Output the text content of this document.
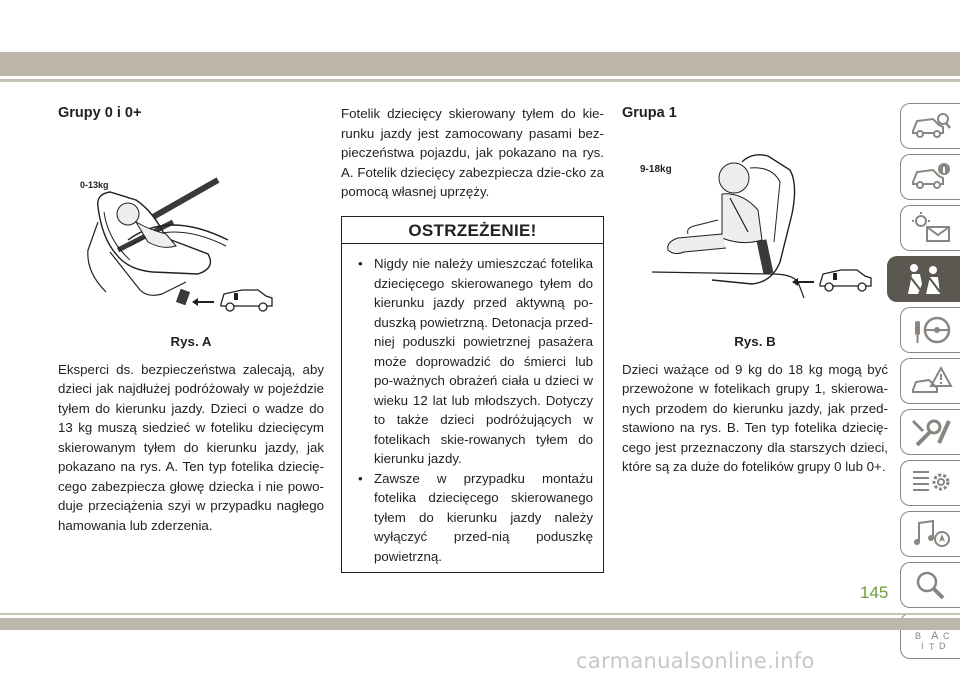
Grupy 0 i 0+
0-13kg
Rys. A

Eksperci ds. bezpieczeństwa zalecają, aby dzieci jak najdłużej podróżowały w pojeździe tyłem do kierunku jazdy. Dzieci o wadze do 13 kg muszą siedzieć w foteliku dziecięcym skierowanym tyłem do kierunku jazdy, jak pokazano na rys. A. Ten typ fotelika dziecię-cego zabezpiecza głowę dziecka i nie powo-duje przeciążenia szyi w przypadku nagłego hamowania lub zderzenia.

Fotelik dziecięcy skierowany tyłem do kie-runku jazdy jest zamocowany pasami bez-pieczeństwa pojazdu, jak pokazano na rys. A. Fotelik dziecięcy zabezpiecza dzie-cko za pomocą własnej uprzęży.

OSTRZEŻENIE!
• Nigdy nie należy umieszczać fotelika dziecięcego skierowanego tyłem do kierunku jazdy przed aktywną po-duszką powietrzną. Detonacja przed-niej poduszki powietrznej pasażera może doprowadzić do śmierci lub po-ważnych obrażeń ciała u dzieci w wieku 12 lat lub młodszych. Dotyczy to także dzieci podróżujących w fotelikach skie-rowanych tyłem do kierunku jazdy.
• Zawsze w przypadku montażu fotelika dziecięcego skierowanego tyłem do kierunku jazdy należy wyłączyć przed-nią poduszkę powietrzną.
Grupa 1
9-18kg
Rys. B

Dzieci ważące od 9 kg do 18 kg mogą być przewożone w fotelikach grupy 1, skierowa-nych przodem do kierunku jazdy, jak przed-stawiono na rys. B. Ten typ fotelika dziecię-cego jest przeznaczony dla starszych dzieci, które są za duże do fotelików grupy 0 lub 0+.

B A C
D
I T
145
carmanualsonline.info
